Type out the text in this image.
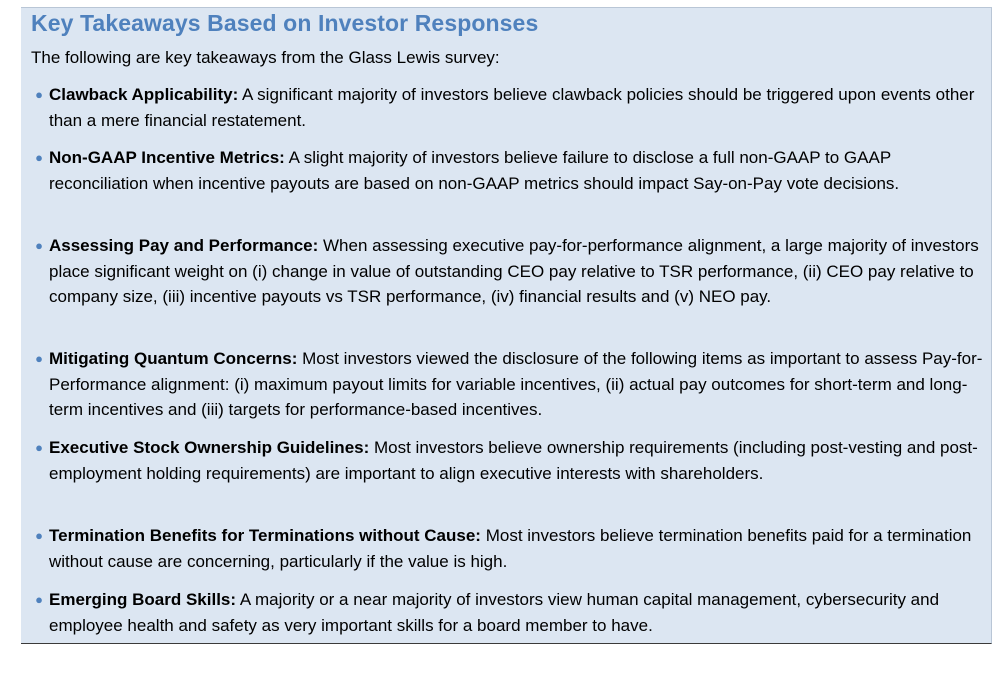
Key Takeaways Based on Investor Responses

The following are key takeaways from the Glass Lewis survey:

● Clawback Applicability: A significant majority of investors believe clawback policies should be triggered upon events other than a mere financial restatement.
● Non-GAAP Incentive Metrics: A slight majority of investors believe failure to disclose a full non-GAAP to GAAP reconciliation when incentive payouts are based on non-GAAP metrics should impact Say-on-Pay vote decisions.
● Assessing Pay and Performance: When assessing executive pay-for-performance alignment, a large majority of investors place significant weight on (i) change in value of outstanding CEO pay relative to TSR performance, (ii) CEO pay relative to company size, (iii) incentive payouts vs TSR performance, (iv) financial results and (v) NEO pay.
● Mitigating Quantum Concerns: Most investors viewed the disclosure of the following items as important to assess Pay-for-Performance alignment: (i) maximum payout limits for variable incentives, (ii) actual pay outcomes for short-term and long-term incentives and (iii) targets for performance-based incentives.
● Executive Stock Ownership Guidelines: Most investors believe ownership requirements (including post-vesting and post-employment holding requirements) are important to align executive interests with shareholders.
● Termination Benefits for Terminations without Cause: Most investors believe termination benefits paid for a termination without cause are concerning, particularly if the value is high.
● Emerging Board Skills: A majority or a near majority of investors view human capital management, cybersecurity and employee health and safety as very important skills for a board member to have.
